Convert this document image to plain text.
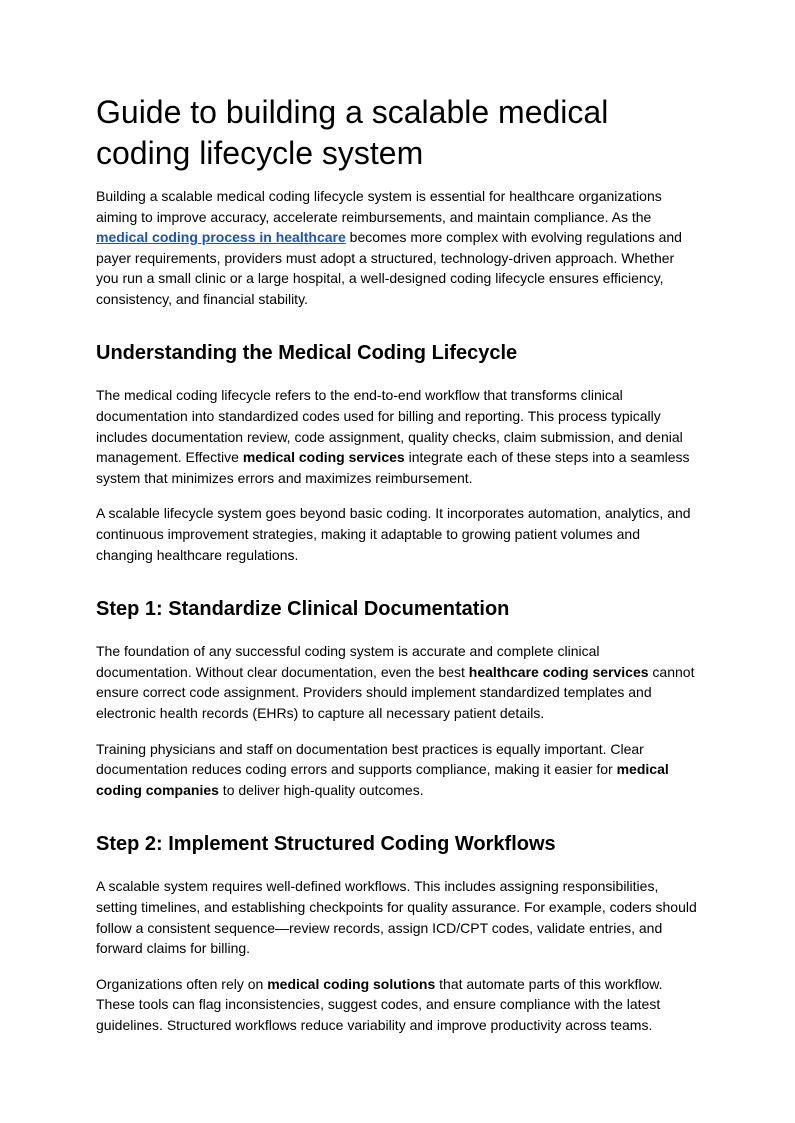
Guide to building a scalable medical coding lifecycle system

Building a scalable medical coding lifecycle system is essential for healthcare organizations aiming to improve accuracy, accelerate reimbursements, and maintain compliance. As the medical coding process in healthcare becomes more complex with evolving regulations and payer requirements, providers must adopt a structured, technology-driven approach. Whether you run a small clinic or a large hospital, a well-designed coding lifecycle ensures efficiency, consistency, and financial stability.

Understanding the Medical Coding Lifecycle

The medical coding lifecycle refers to the end-to-end workflow that transforms clinical documentation into standardized codes used for billing and reporting. This process typically includes documentation review, code assignment, quality checks, claim submission, and denial management. Effective medical coding services integrate each of these steps into a seamless system that minimizes errors and maximizes reimbursement.

A scalable lifecycle system goes beyond basic coding. It incorporates automation, analytics, and continuous improvement strategies, making it adaptable to growing patient volumes and changing healthcare regulations.

Step 1: Standardize Clinical Documentation

The foundation of any successful coding system is accurate and complete clinical documentation. Without clear documentation, even the best healthcare coding services cannot ensure correct code assignment. Providers should implement standardized templates and electronic health records (EHRs) to capture all necessary patient details.

Training physicians and staff on documentation best practices is equally important. Clear documentation reduces coding errors and supports compliance, making it easier for medical coding companies to deliver high-quality outcomes.

Step 2: Implement Structured Coding Workflows

A scalable system requires well-defined workflows. This includes assigning responsibilities, setting timelines, and establishing checkpoints for quality assurance. For example, coders should follow a consistent sequence—review records, assign ICD/CPT codes, validate entries, and forward claims for billing.

Organizations often rely on medical coding solutions that automate parts of this workflow. These tools can flag inconsistencies, suggest codes, and ensure compliance with the latest guidelines. Structured workflows reduce variability and improve productivity across teams.
